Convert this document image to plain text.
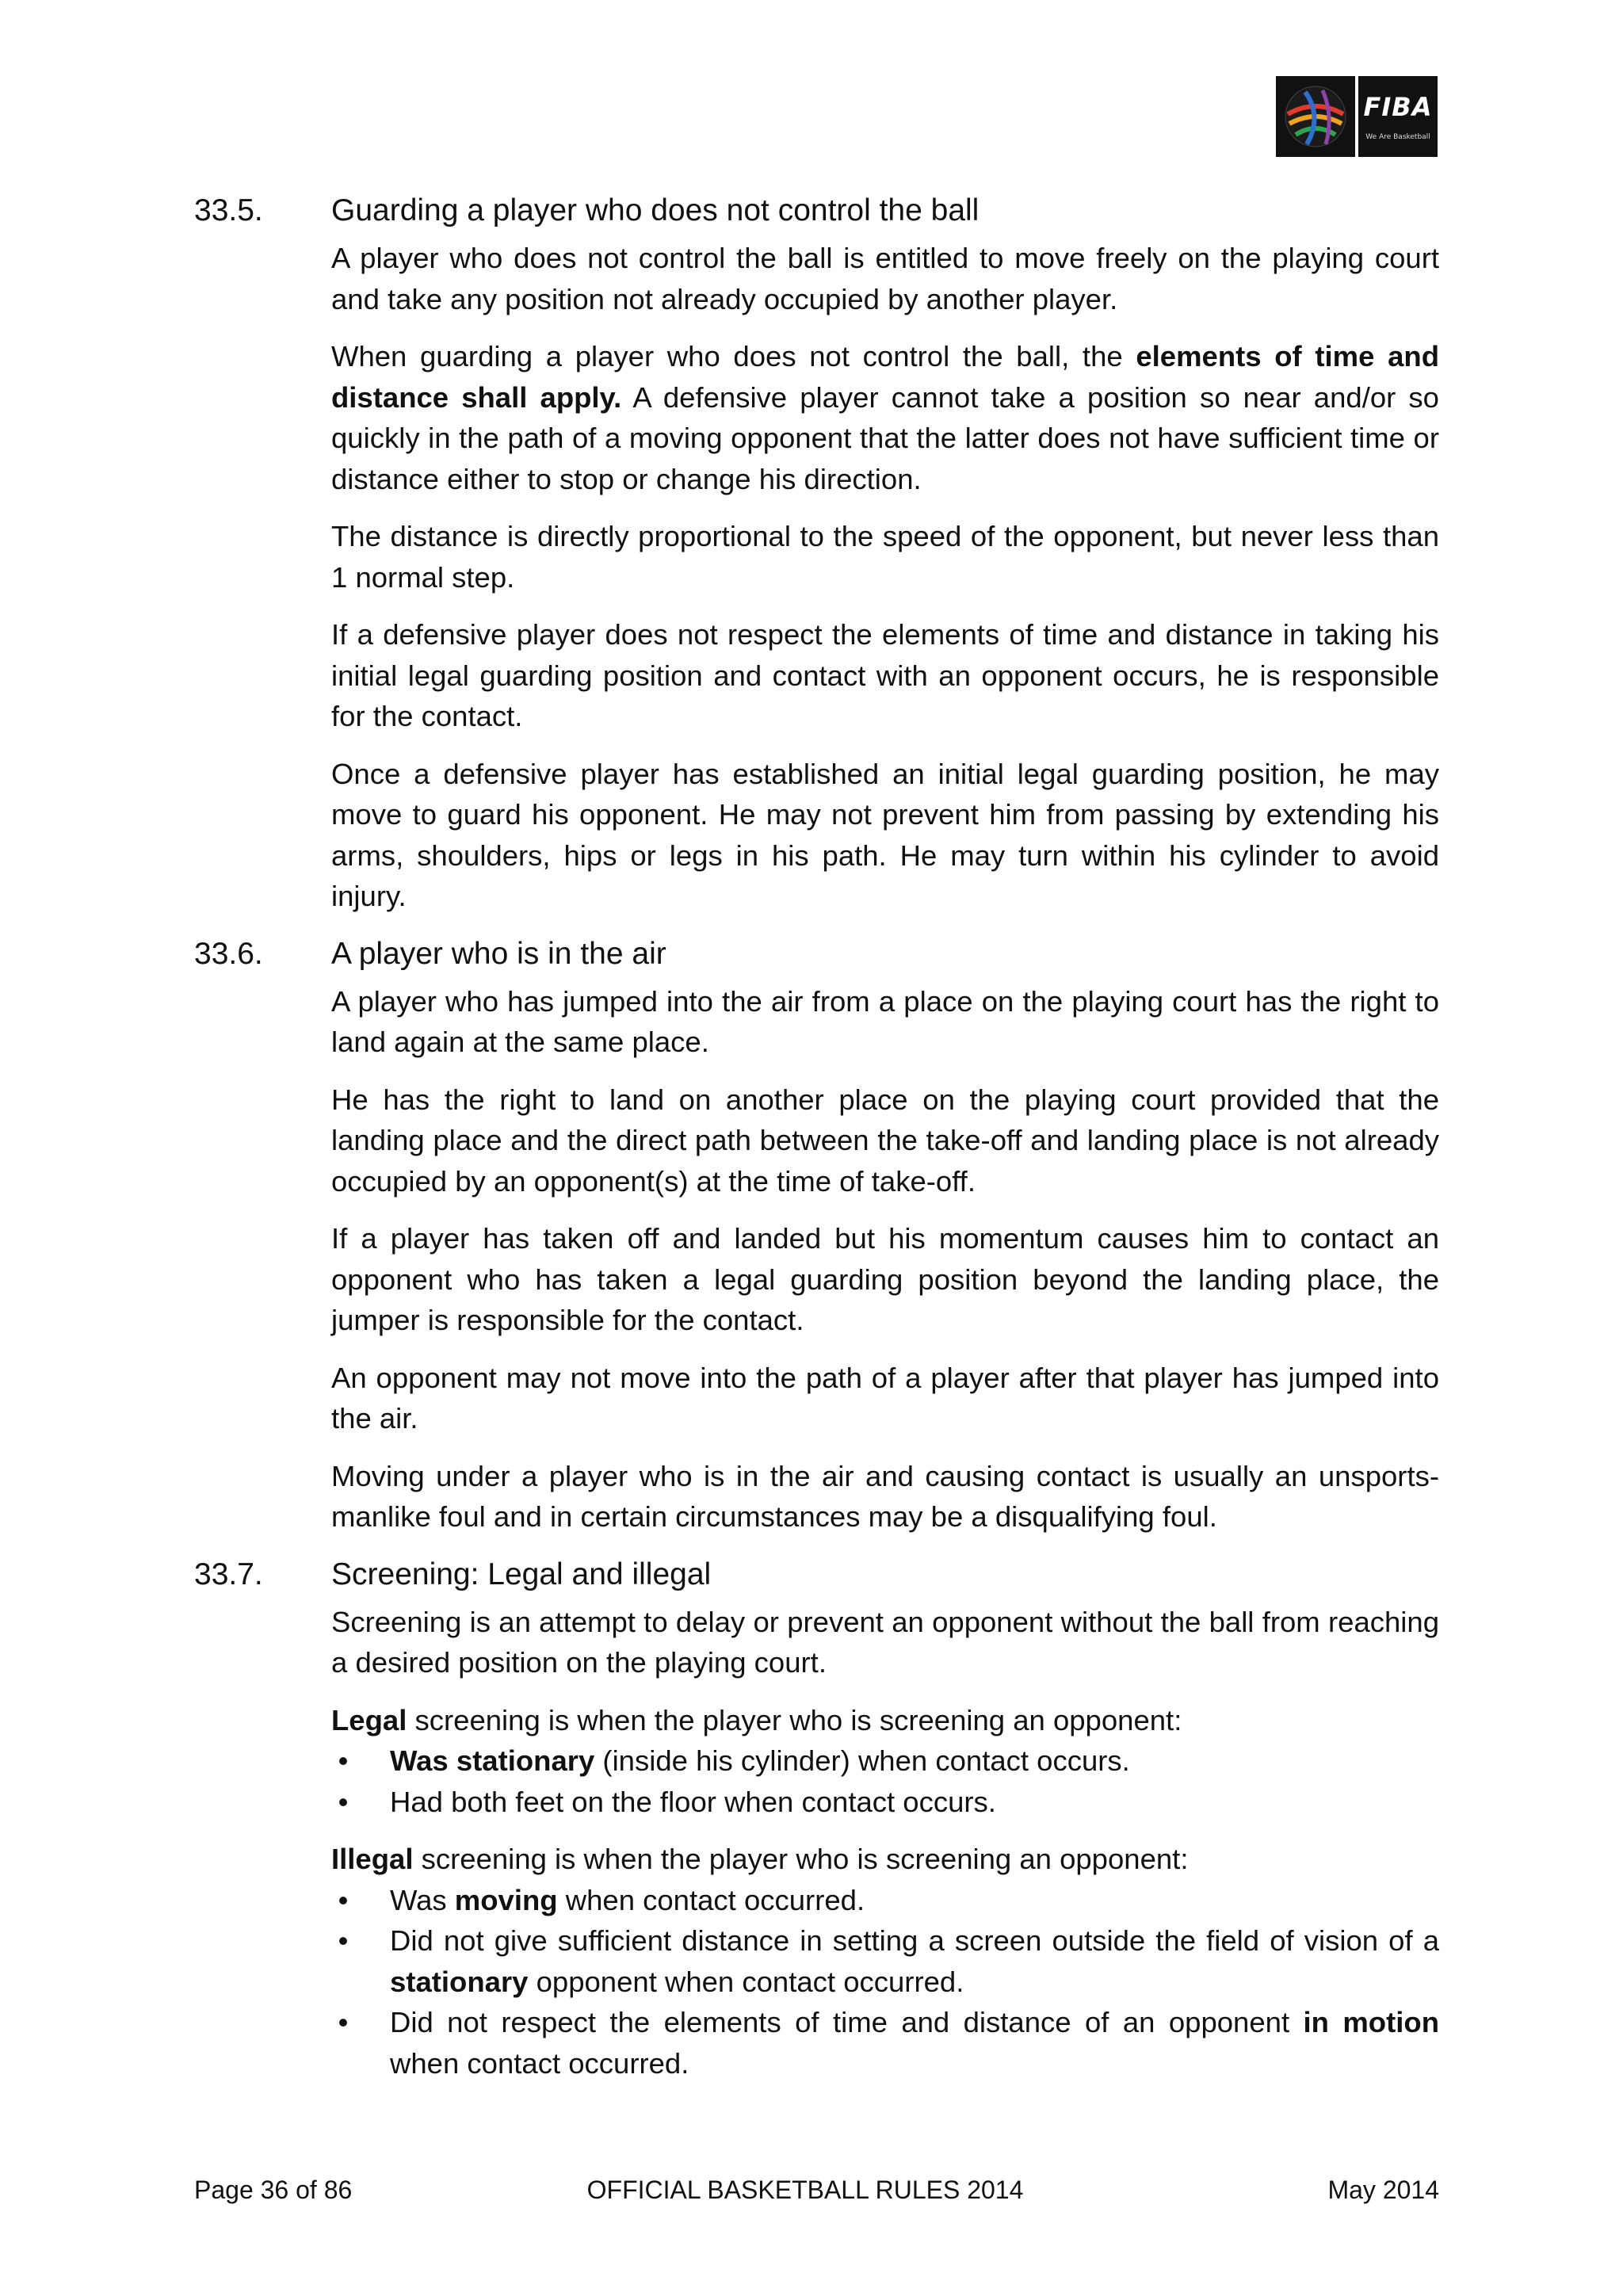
FIBA
We Are Basketball
33.5. Guarding a player who does not control the ball

A player who does not control the ball is entitled to move freely on the playing court and take any position not already occupied by another player.

When guarding a player who does not control the ball, the elements of time and distance shall apply. A defensive player cannot take a position so near and/or so quickly in the path of a moving opponent that the latter does not have sufficient time or distance either to stop or change his direction.

The distance is directly proportional to the speed of the opponent, but never less than 1 normal step.

If a defensive player does not respect the elements of time and distance in taking his initial legal guarding position and contact with an opponent occurs, he is responsible for the contact.

Once a defensive player has established an initial legal guarding position, he may move to guard his opponent. He may not prevent him from passing by extending his arms, shoulders, hips or legs in his path. He may turn within his cylinder to avoid injury.

33.6. A player who is in the air

A player who has jumped into the air from a place on the playing court has the right to land again at the same place.

He has the right to land on another place on the playing court provided that the landing place and the direct path between the take-off and landing place is not already occupied by an opponent(s) at the time of take-off.

If a player has taken off and landed but his momentum causes him to contact an opponent who has taken a legal guarding position beyond the landing place, the jumper is responsible for the contact.

An opponent may not move into the path of a player after that player has jumped into the air.

Moving under a player who is in the air and causing contact is usually an unsports-manlike foul and in certain circumstances may be a disqualifying foul.

33.7. Screening: Legal and illegal

Screening is an attempt to delay or prevent an opponent without the ball from reaching a desired position on the playing court.

Legal screening is when the player who is screening an opponent:

• Was stationary (inside his cylinder) when contact occurs.
• Had both feet on the floor when contact occurs.

Illegal screening is when the player who is screening an opponent:

• Was moving when contact occurred.
• Did not give sufficient distance in setting a screen outside the field of vision of a stationary opponent when contact occurred.
• Did not respect the elements of time and distance of an opponent in motion when contact occurred.
Page 36 of 86	OFFICIAL BASKETBALL RULES 2014	May 2014
